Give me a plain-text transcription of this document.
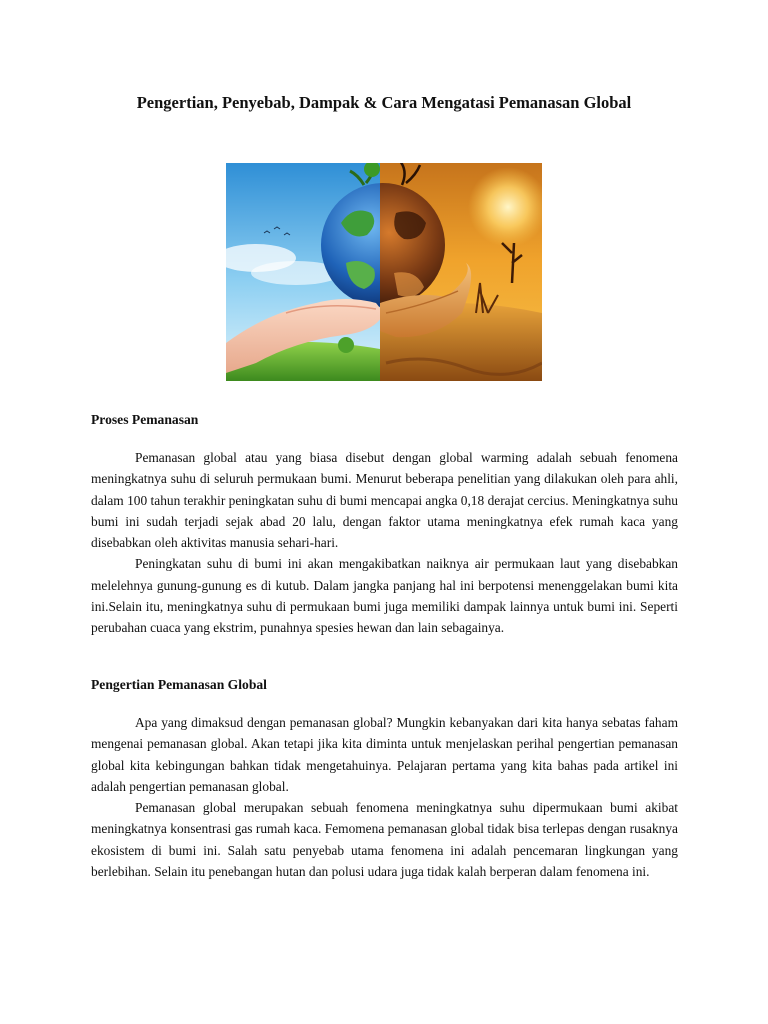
Pengertian, Penyebab, Dampak & Cara Mengatasi Pemanasan Global
Proses Pemanasan

Pemanasan global atau yang biasa disebut dengan global warming adalah sebuah fenomena meningkatnya suhu di seluruh permukaan bumi. Menurut beberapa penelitian yang dilakukan oleh para ahli, dalam 100 tahun terakhir peningkatan suhu di bumi mencapai angka 0,18 derajat cercius. Meningkatnya suhu bumi ini sudah terjadi sejak abad 20 lalu, dengan faktor utama meningkatnya efek rumah kaca yang disebabkan oleh aktivitas manusia sehari-hari.

Peningkatan suhu di bumi ini akan mengakibatkan naiknya air permukaan laut yang disebabkan melelehnya gunung-gunung es di kutub. Dalam jangka panjang hal ini berpotensi menenggelakan bumi kita ini.Selain itu, meningkatnya suhu di permukaan bumi juga memiliki dampak lainnya untuk bumi ini. Seperti perubahan cuaca yang ekstrim, punahnya spesies hewan dan lain sebagainya.

Pengertian Pemanasan Global

Apa yang dimaksud dengan pemanasan global? Mungkin kebanyakan dari kita hanya sebatas faham mengenai pemanasan global. Akan tetapi jika kita diminta untuk menjelaskan perihal pengertian pemanasan global kita kebingungan bahkan tidak mengetahuinya. Pelajaran pertama yang kita bahas pada artikel ini adalah pengertian pemanasan global.

Pemanasan global merupakan sebuah fenomena meningkatnya suhu dipermukaan bumi akibat meningkatnya konsentrasi gas rumah kaca. Femomena pemanasan global tidak bisa terlepas dengan rusaknya ekosistem di bumi ini. Salah satu penyebab utama fenomena ini adalah pencemaran lingkungan yang berlebihan. Selain itu penebangan hutan dan polusi udara juga tidak kalah berperan dalam fenomena ini.
